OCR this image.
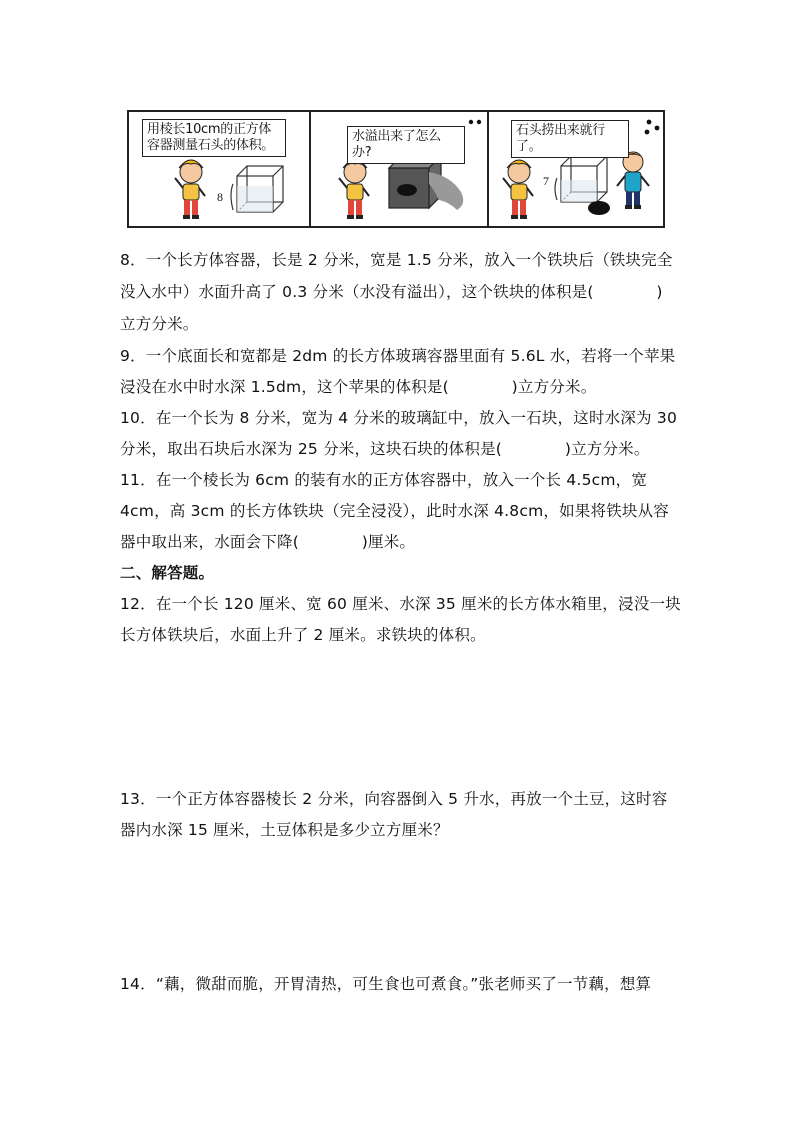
用棱长10cm的正方体容器测量石头的体积。
8
水溢出来了怎么办?
石头捞出来就行了。
7
8．一个长方体容器，长是 2 分米，宽是 1.5 分米，放入一个铁块后（铁块完全
没入水中）水面升高了 0.3 分米（水没有溢出），这个铁块的体积是(　　　　)
立方分米。
9．一个底面长和宽都是 2dm 的长方体玻璃容器里面有 5.6L 水，若将一个苹果
浸没在水中时水深 1.5dm，这个苹果的体积是(　　　　)立方分米。
10．在一个长为 8 分米，宽为 4 分米的玻璃缸中，放入一石块，这时水深为 30
分米，取出石块后水深为 25 分米，这块石块的体积是(　　　　)立方分米。
11．在一个棱长为 6cm 的装有水的正方体容器中，放入一个长 4.5cm，宽
4cm，高 3cm 的长方体铁块（完全浸没），此时水深 4.8cm，如果将铁块从容
器中取出来，水面会下降(　　　　)厘米。
二、解答题。
12．在一个长 120 厘米、宽 60 厘米、水深 35 厘米的长方体水箱里，浸没一块
长方体铁块后，水面上升了 2 厘米。求铁块的体积。
13．一个正方体容器棱长 2 分米，向容器倒入 5 升水，再放一个土豆，这时容
器内水深 15 厘米，土豆体积是多少立方厘米？
14．“藕，微甜而脆，开胃清热，可生食也可煮食。”张老师买了一节藕，想算
